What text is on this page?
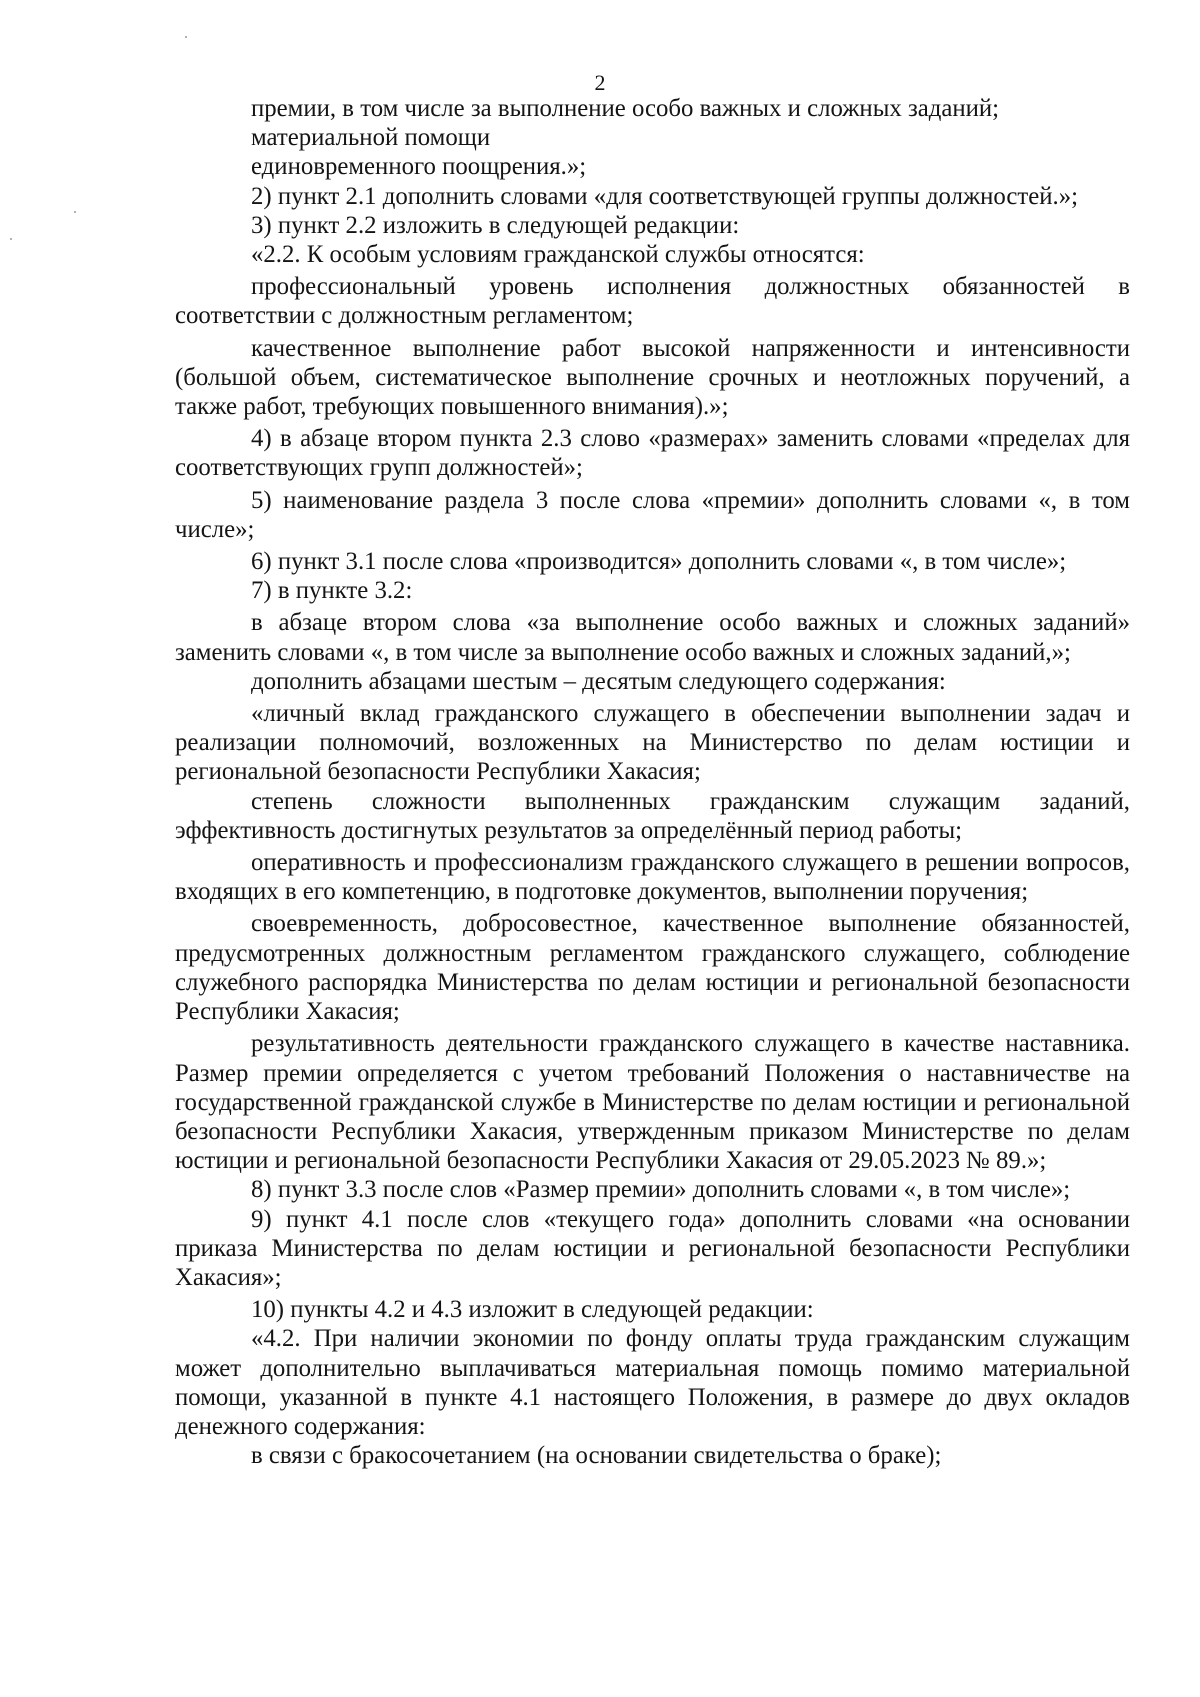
2

премии, в том числе за выполнение особо важных и сложных заданий;

материальной помощи

единовременного поощрения.»;

2) пункт 2.1 дополнить словами «для соответствующей группы должностей.»;

3) пункт 2.2 изложить в следующей редакции:

«2.2. К особым условиям гражданской службы относятся:

профессиональный уровень исполнения должностных обязанностей в соответствии с должностным регламентом;

качественное выполнение работ высокой напряженности и интенсивности (большой объем, систематическое выполнение срочных и неотложных поручений, а также работ, требующих повышенного внимания).»;

4) в абзаце втором пункта 2.3 слово «размерах» заменить словами «пределах для соответствующих групп должностей»;

5) наименование раздела 3 после слова «премии» дополнить словами «, в том числе»;

6) пункт 3.1 после слова «производится» дополнить словами «, в том числе»;

7) в пункте 3.2:

в абзаце втором слова «за выполнение особо важных и сложных заданий» заменить словами «, в том числе за выполнение особо важных и сложных заданий,»;

дополнить абзацами шестым – десятым следующего содержания:

«личный вклад гражданского служащего в обеспечении выполнении задач и реализации полномочий, возложенных на Министерство по делам юстиции и региональной безопасности Республики Хакасия;

степень сложности выполненных гражданским служащим заданий, эффективность достигнутых результатов за определённый период работы;

оперативность и профессионализм гражданского служащего в решении вопросов, входящих в его компетенцию, в подготовке документов, выполнении поручения;

своевременность, добросовестное, качественное выполнение обязанностей, предусмотренных должностным регламентом гражданского служащего, соблюдение служебного распорядка Министерства по делам юстиции и региональной безопасности Республики Хакасия;

результативность деятельности гражданского служащего в качестве наставника. Размер премии определяется с учетом требований Положения о наставничестве на государственной гражданской службе в Министерстве по делам юстиции и региональной безопасности Республики Хакасия, утвержденным приказом Министерстве по делам юстиции и региональной безопасности Республики Хакасия от 29.05.2023 № 89.»;

8) пункт 3.3 после слов «Размер премии» дополнить словами «, в том числе»;

9) пункт 4.1 после слов «текущего года» дополнить словами «на основании приказа Министерства по делам юстиции и региональной безопасности Республики Хакасия»;

10) пункты 4.2 и 4.3 изложит в следующей редакции:

«4.2. При наличии экономии по фонду оплаты труда гражданским служащим может дополнительно выплачиваться материальная помощь помимо материальной помощи, указанной в пункте 4.1 настоящего Положения, в размере до двух окладов денежного содержания:

в связи с бракосочетанием (на основании свидетельства о браке);
